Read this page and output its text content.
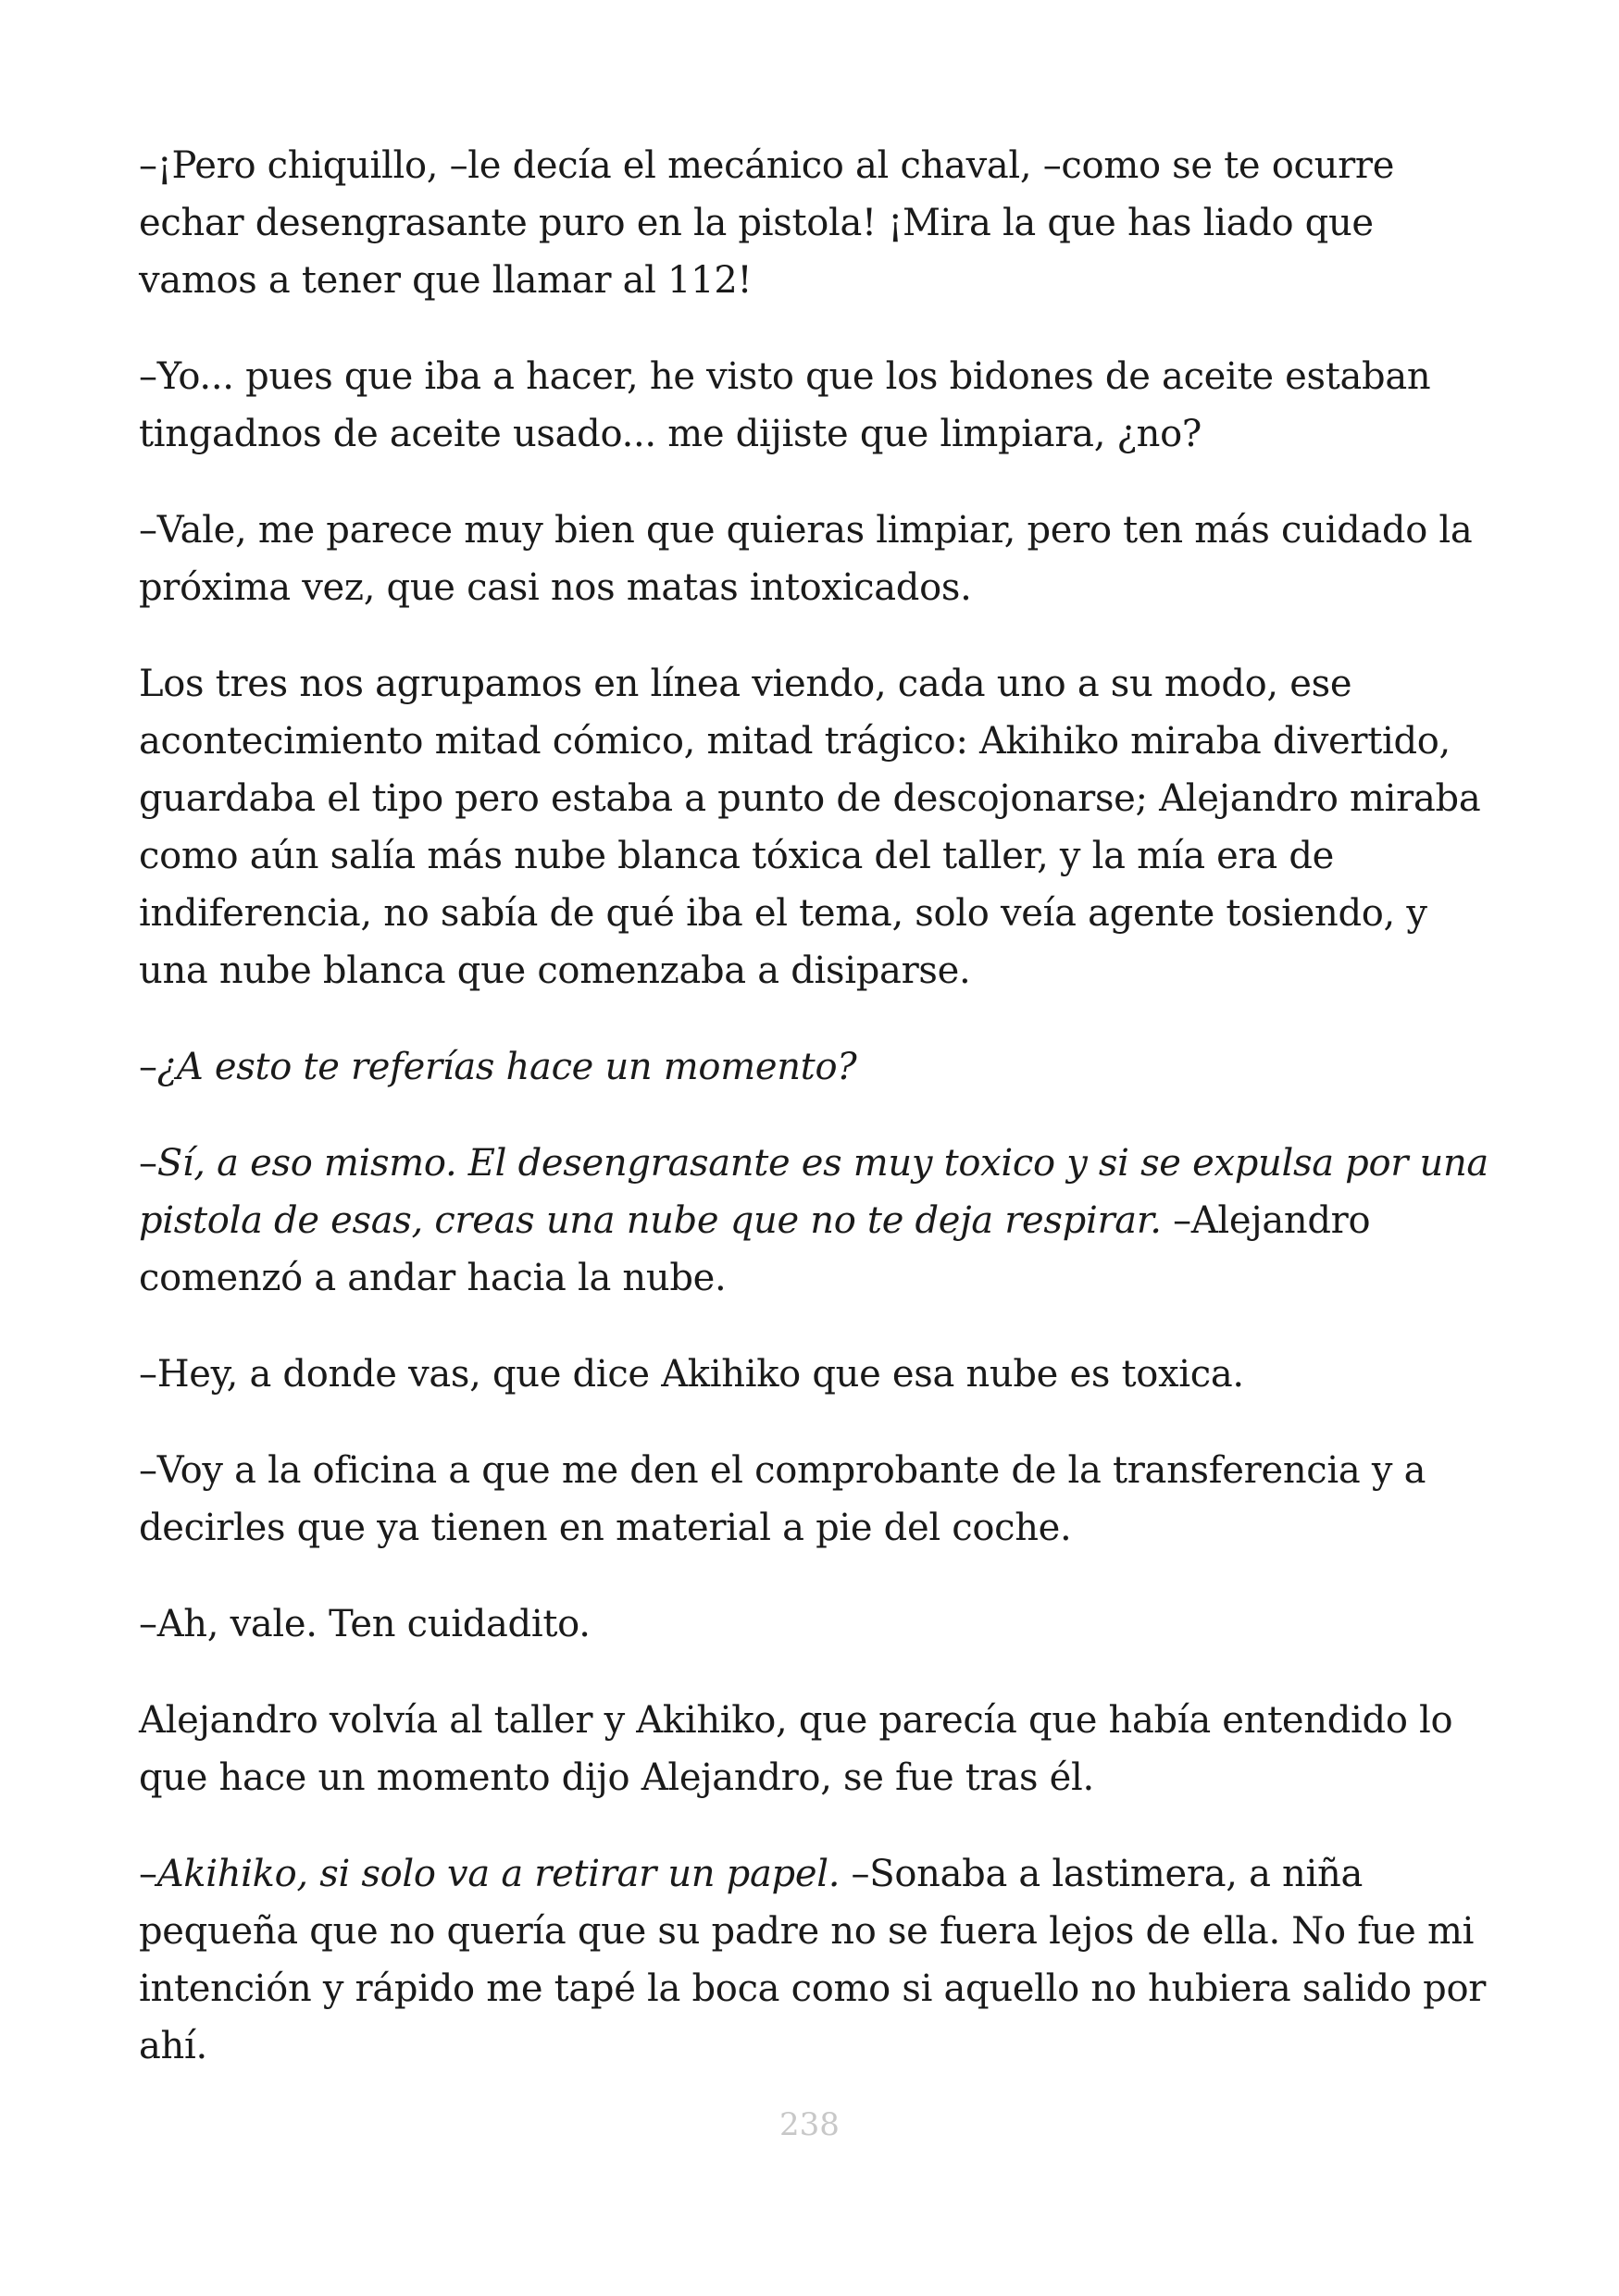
–¡Pero chiquillo, –le decía el mecánico al chaval, –como se te ocurre echar desengrasante puro en la pistola! ¡Mira la que has liado que vamos a tener que llamar al 112!

–Yo... pues que iba a hacer, he visto que los bidones de aceite estaban tingadnos de aceite usado... me dijiste que limpiara, ¿no?

–Vale, me parece muy bien que quieras limpiar, pero ten más cuidado la próxima vez, que casi nos matas intoxicados.

Los tres nos agrupamos en línea viendo, cada uno a su modo, ese acontecimiento mitad cómico, mitad trágico: Akihiko miraba divertido, guardaba el tipo pero estaba a punto de descojonarse; Alejandro miraba como aún salía más nube blanca tóxica del taller, y la mía era de indiferencia, no sabía de qué iba el tema, solo veía agente tosiendo, y una nube blanca que comenzaba a disiparse.

–¿A esto te referías hace un momento?

–Sí, a eso mismo. El desengrasante es muy toxico y si se expulsa por una pistola de esas, creas una nube que no te deja respirar. –Alejandro comenzó a andar hacia la nube.

–Hey, a donde vas, que dice Akihiko que esa nube es toxica.

–Voy a la oficina a que me den el comprobante de la transferencia y a decirles que ya tienen en material a pie del coche.

–Ah, vale. Ten cuidadito.

Alejandro volvía al taller y Akihiko, que parecía que había entendido lo que hace un momento dijo Alejandro, se fue tras él.

–Akihiko, si solo va a retirar un papel. –Sonaba a lastimera, a niña pequeña que no quería que su padre no se fuera lejos de ella. No fue mi intención y rápido me tapé la boca como si aquello no hubiera salido por ahí.

238
